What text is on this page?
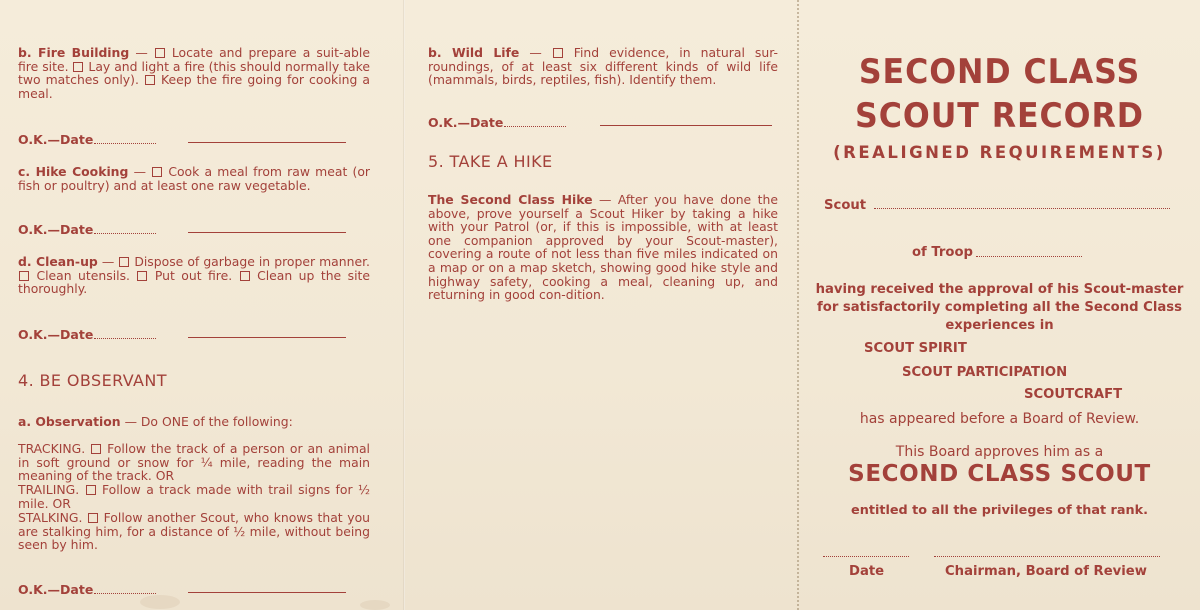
b. Fire Building —  Locate and prepare a suit-able fire site.  Lay and light a fire (this should normally take two matches only).  Keep the fire going for cooking a meal.

O.K.—Date

c. Hike Cooking —  Cook a meal from raw meat (or fish or poultry) and at least one raw vegetable.

O.K.—Date

d. Clean-up —  Dispose of garbage in proper manner.  Clean utensils.  Put out fire.  Clean up the site thoroughly.

O.K.—Date
4. BE OBSERVANT

a. Observation — Do ONE of the following:

TRACKING.  Follow the track of a person or an animal in soft ground or snow for ¼ mile, reading the main meaning of the track. OR

TRAILING.  Follow a track made with trail signs for ½ mile. OR

STALKING.  Follow another Scout, who knows that you are stalking him, for a distance of ½ mile, without being seen by him.

O.K.—Date

b. Wild Life —  Find evidence, in natural sur-roundings, of at least six different kinds of wild life (mammals, birds, reptiles, fish). Identify them.

O.K.—Date
5. TAKE A HIKE

The Second Class Hike — After you have done the above, prove yourself a Scout Hiker by taking a hike with your Patrol (or, if this is impossible, with at least one companion approved by your Scout-master), covering a route of not less than five miles indicated on a map or on a map sketch, showing good hike style and highway safety, cooking a meal, cleaning up, and returning in good con-dition.

SECOND CLASS
SCOUT RECORD
(REALIGNED REQUIREMENTS)
Scout
of Troop
having received the approval of his Scout-master for satisfactorily completing all the Second Class experiences in
SCOUT SPIRIT
SCOUT PARTICIPATION
SCOUTCRAFT
has appeared before a Board of Review.
This Board approves him as a
SECOND CLASS SCOUT
entitled to all the privileges of that rank.
Date	Chairman, Board of Review
